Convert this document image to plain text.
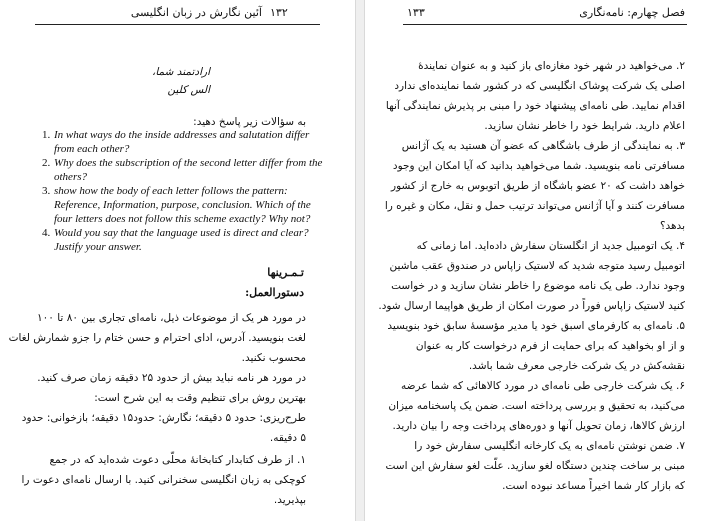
۱۳۲
آئین نگارش در زبان انگلیسی
ارادتمند شما،
الس کلین
به سؤالات زیر پاسخ دهید:
1. In what ways do the inside addresses and salutation differ
from each other?
2. Why does the subscription of the second letter differ from the
others?
3. show how the body of each letter follows the pattern:
Reference, Information, purpose, conclusion. Which of the
four letters does not follow this scheme exactly? Why not?
4. Would you say that the language used is direct and clear?
Justify your answer.
تـمـرينها
دستورالعمل:
در مورد هر یک از موضوعات ذیل، نامه‌ای تجاری بین ۸۰ تا ۱۰۰
لغت بنویسید. آدرس، ادای احترام و حسن ختام را جزو شمارش لغات
محسوب نکنید.
در مورد هر نامه نباید بیش از حدود ۲۵ دقیقه زمان صرف کنید.
بهترین روش برای تنظیم وقت به این شرح است:
طرح‌ریزی: حدود ۵ دقیقه؛ نگارش: حدود۱۵ دقیقه؛ بازخوانی: حدود
۵ دقیقه.
۱. از طرف کتابدار کتابخانهٔ محلّی دعوت شده‌اید که در جمع
کوچکی به زبان انگلیسی سخنرانی کنید. با ارسال نامه‌ای دعوت را
بپذیرید.
۱۳۳	فصل چهارم: نامه‌نگاری
۲. می‌خواهید در شهر خود مغازه‌ای باز کنید و به عنوان نمایندهٔ
اصلی یک شرکت پوشاک انگلیسی که در کشور شما نماینده‌ای ندارد
اقدام نمایید. طی نامه‌ای پیشنهاد خود را مبنی بر پذیرش نمایندگی آنها
اعلام دارید. شرایط خود را خاطر نشان سازید.
۳. به نمایندگی از طرف باشگاهی که عضو آن هستید به یک آژانس
مسافرتی نامه بنویسید. شما می‌خواهید بدانید که آیا امکان این وجود
خواهد داشت که ۲۰ عضو باشگاه از طریق اتوبوس به خارج از کشور
مسافرت کنند و آیا آژانس می‌تواند ترتیب حمل و نقل، مکان و غیره را
بدهد؟
۴. یک اتومبیل جدید از انگلستان سفارش داده‌اید. اما زمانی که
اتومبیل رسید متوجه شدید که لاستیک زاپاس در صندوق عقب ماشین
وجود ندارد. طی یک نامه موضوع را خاطر نشان سازید و در خواست
کنید لاستیک زاپاس فوراً در صورت امکان از طریق هوا‌پیما ارسال شود.
۵. نامه‌ای به کارفرمای اسبق خود یا مدیر مؤسسهٔ سابق خود بنویسید
و از او بخواهید که برای حمایت از فرم درخواست کار به عنوان
نقشه‌کش در یک شرکت خارجی معرف شما باشد.
۶. یک شرکت خارجی طی نامه‌ای در مورد کالاهائی که شما عرضه
می‌کنید، به تحقیق و بررسی پرداخته است. ضمن یک پاسخنامه میزان
ارزش کالاها، زمان تحویل آنها و دوره‌های پرداخت وجه را بیان دارید.
۷. ضمن نوشتن نامه‌ای به یک کارخانه انگلیسی سفارش خود را
مبنی بر ساخت چندین دستگاه لغو سازید. علّت لغو سفارش این است
که بازار کار شما اخیراً مساعد نبوده است.
